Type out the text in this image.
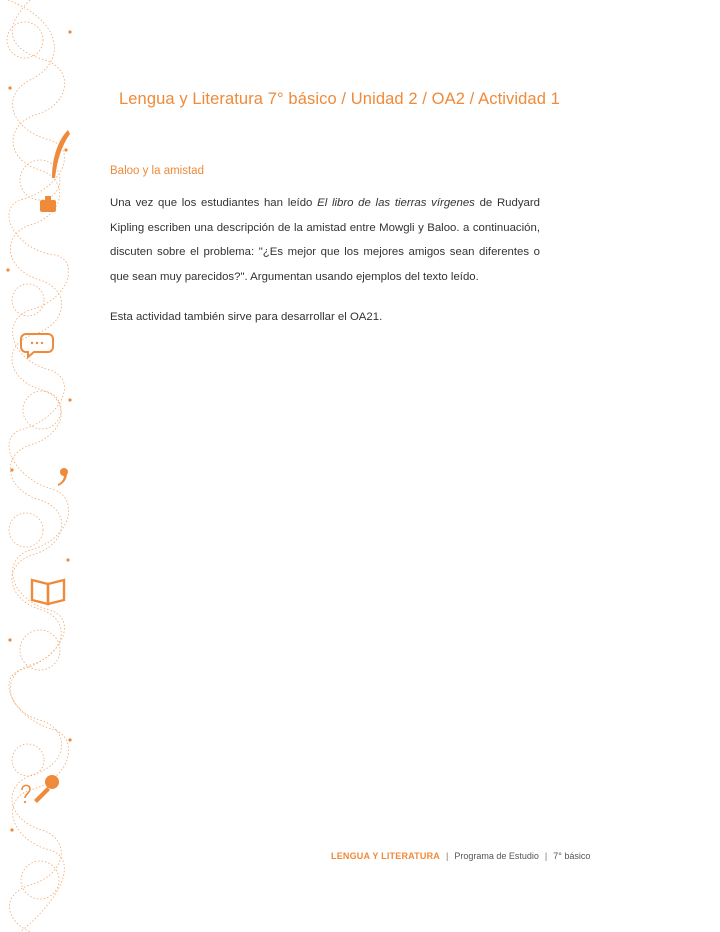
Lengua y Literatura 7° básico / Unidad 2 / OA2 / Actividad 1
Baloo y la amistad

Una vez que los estudiantes han leído El libro de las tierras vírgenes de Rudyard Kipling escriben una descripción de la amistad entre Mowgli y Baloo. a continuación, discuten sobre el problema: "¿Es mejor que los mejores amigos sean diferentes o que sean muy parecidos?". Argumentan usando ejemplos del texto leído.

Esta actividad también sirve para desarrollar el OA21.

LENGUA Y LITERATURA | Programa de Estudio | 7° básico
